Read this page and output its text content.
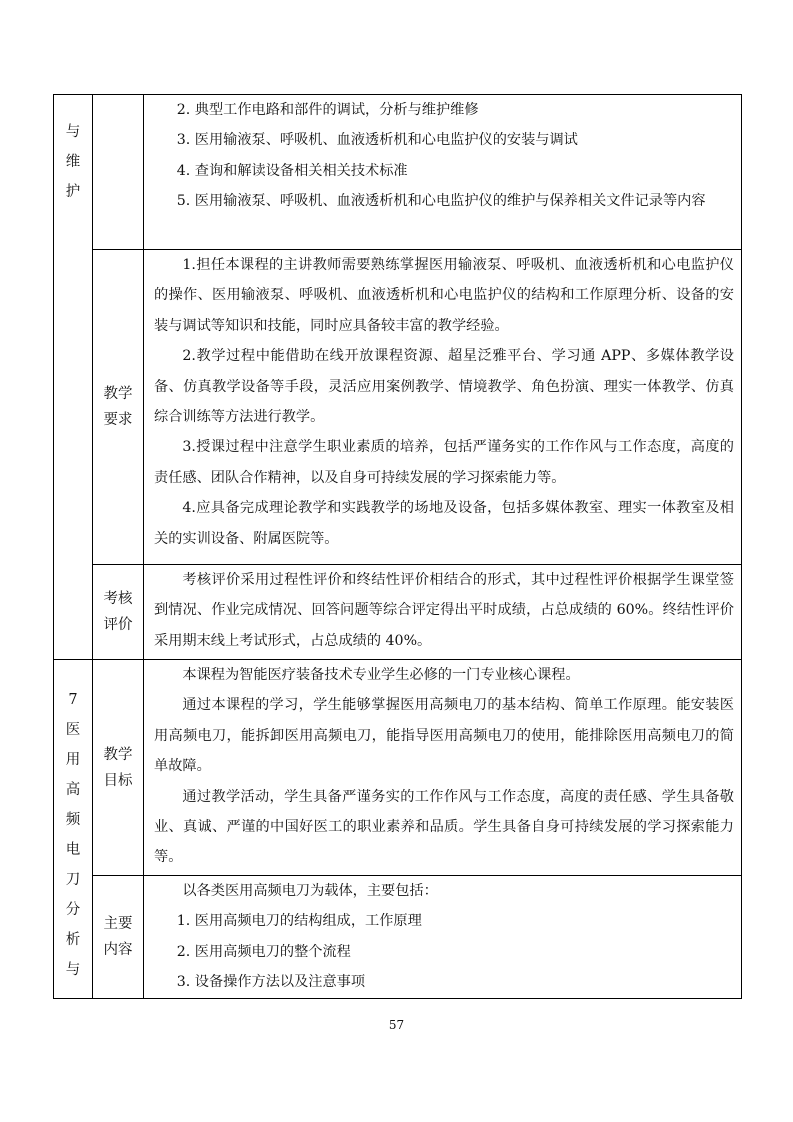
与
维
护

2. 典型工作电路和部件的调试，分析与维护维修

3. 医用输液泵、呼吸机、血液透析机和心电监护仪的安装与调试

4. 查询和解读设备相关相关技术标准

5. 医用输液泵、呼吸机、血液透析机和心电监护仪的维护与保养相关文件记录等内容

教学
要求

1.担任本课程的主讲教师需要熟练掌握医用输液泵、呼吸机、血液透析机和心电监护仪的操作、医用输液泵、呼吸机、血液透析机和心电监护仪的结构和工作原理分析、设备的安装与调试等知识和技能，同时应具备较丰富的教学经验。

2.教学过程中能借助在线开放课程资源、超星泛雅平台、学习通 APP、多媒体教学设备、仿真教学设备等手段，灵活应用案例教学、情境教学、角色扮演、理实一体教学、仿真综合训练等方法进行教学。

3.授课过程中注意学生职业素质的培养，包括严谨务实的工作作风与工作态度，高度的责任感、团队合作精神，以及自身可持续发展的学习探索能力等。

4.应具备完成理论教学和实践教学的场地及设备，包括多媒体教室、理实一体教室及相关的实训设备、附属医院等。

考核
评价

考核评价采用过程性评价和终结性评价相结合的形式，其中过程性评价根据学生课堂签到情况、作业完成情况、回答问题等综合评定得出平时成绩，占总成绩的 60%。终结性评价采用期末线上考试形式，占总成绩的 40%。

7
医
用
高
频
电
刀
分
析
与
教学
目标

本课程为智能医疗装备技术专业学生必修的一门专业核心课程。

通过本课程的学习，学生能够掌握医用高频电刀的基本结构、简单工作原理。能安装医用高频电刀，能拆卸医用高频电刀，能指导医用高频电刀的使用，能排除医用高频电刀的简单故障。

通过教学活动，学生具备严谨务实的工作作风与工作态度，高度的责任感、学生具备敬业、真诚、严谨的中国好医工的职业素养和品质。学生具备自身可持续发展的学习探索能力等。

主要
内容

以各类医用高频电刀为载体，主要包括：

1. 医用高频电刀的结构组成，工作原理

2. 医用高频电刀的整个流程

3. 设备操作方法以及注意事项

57
